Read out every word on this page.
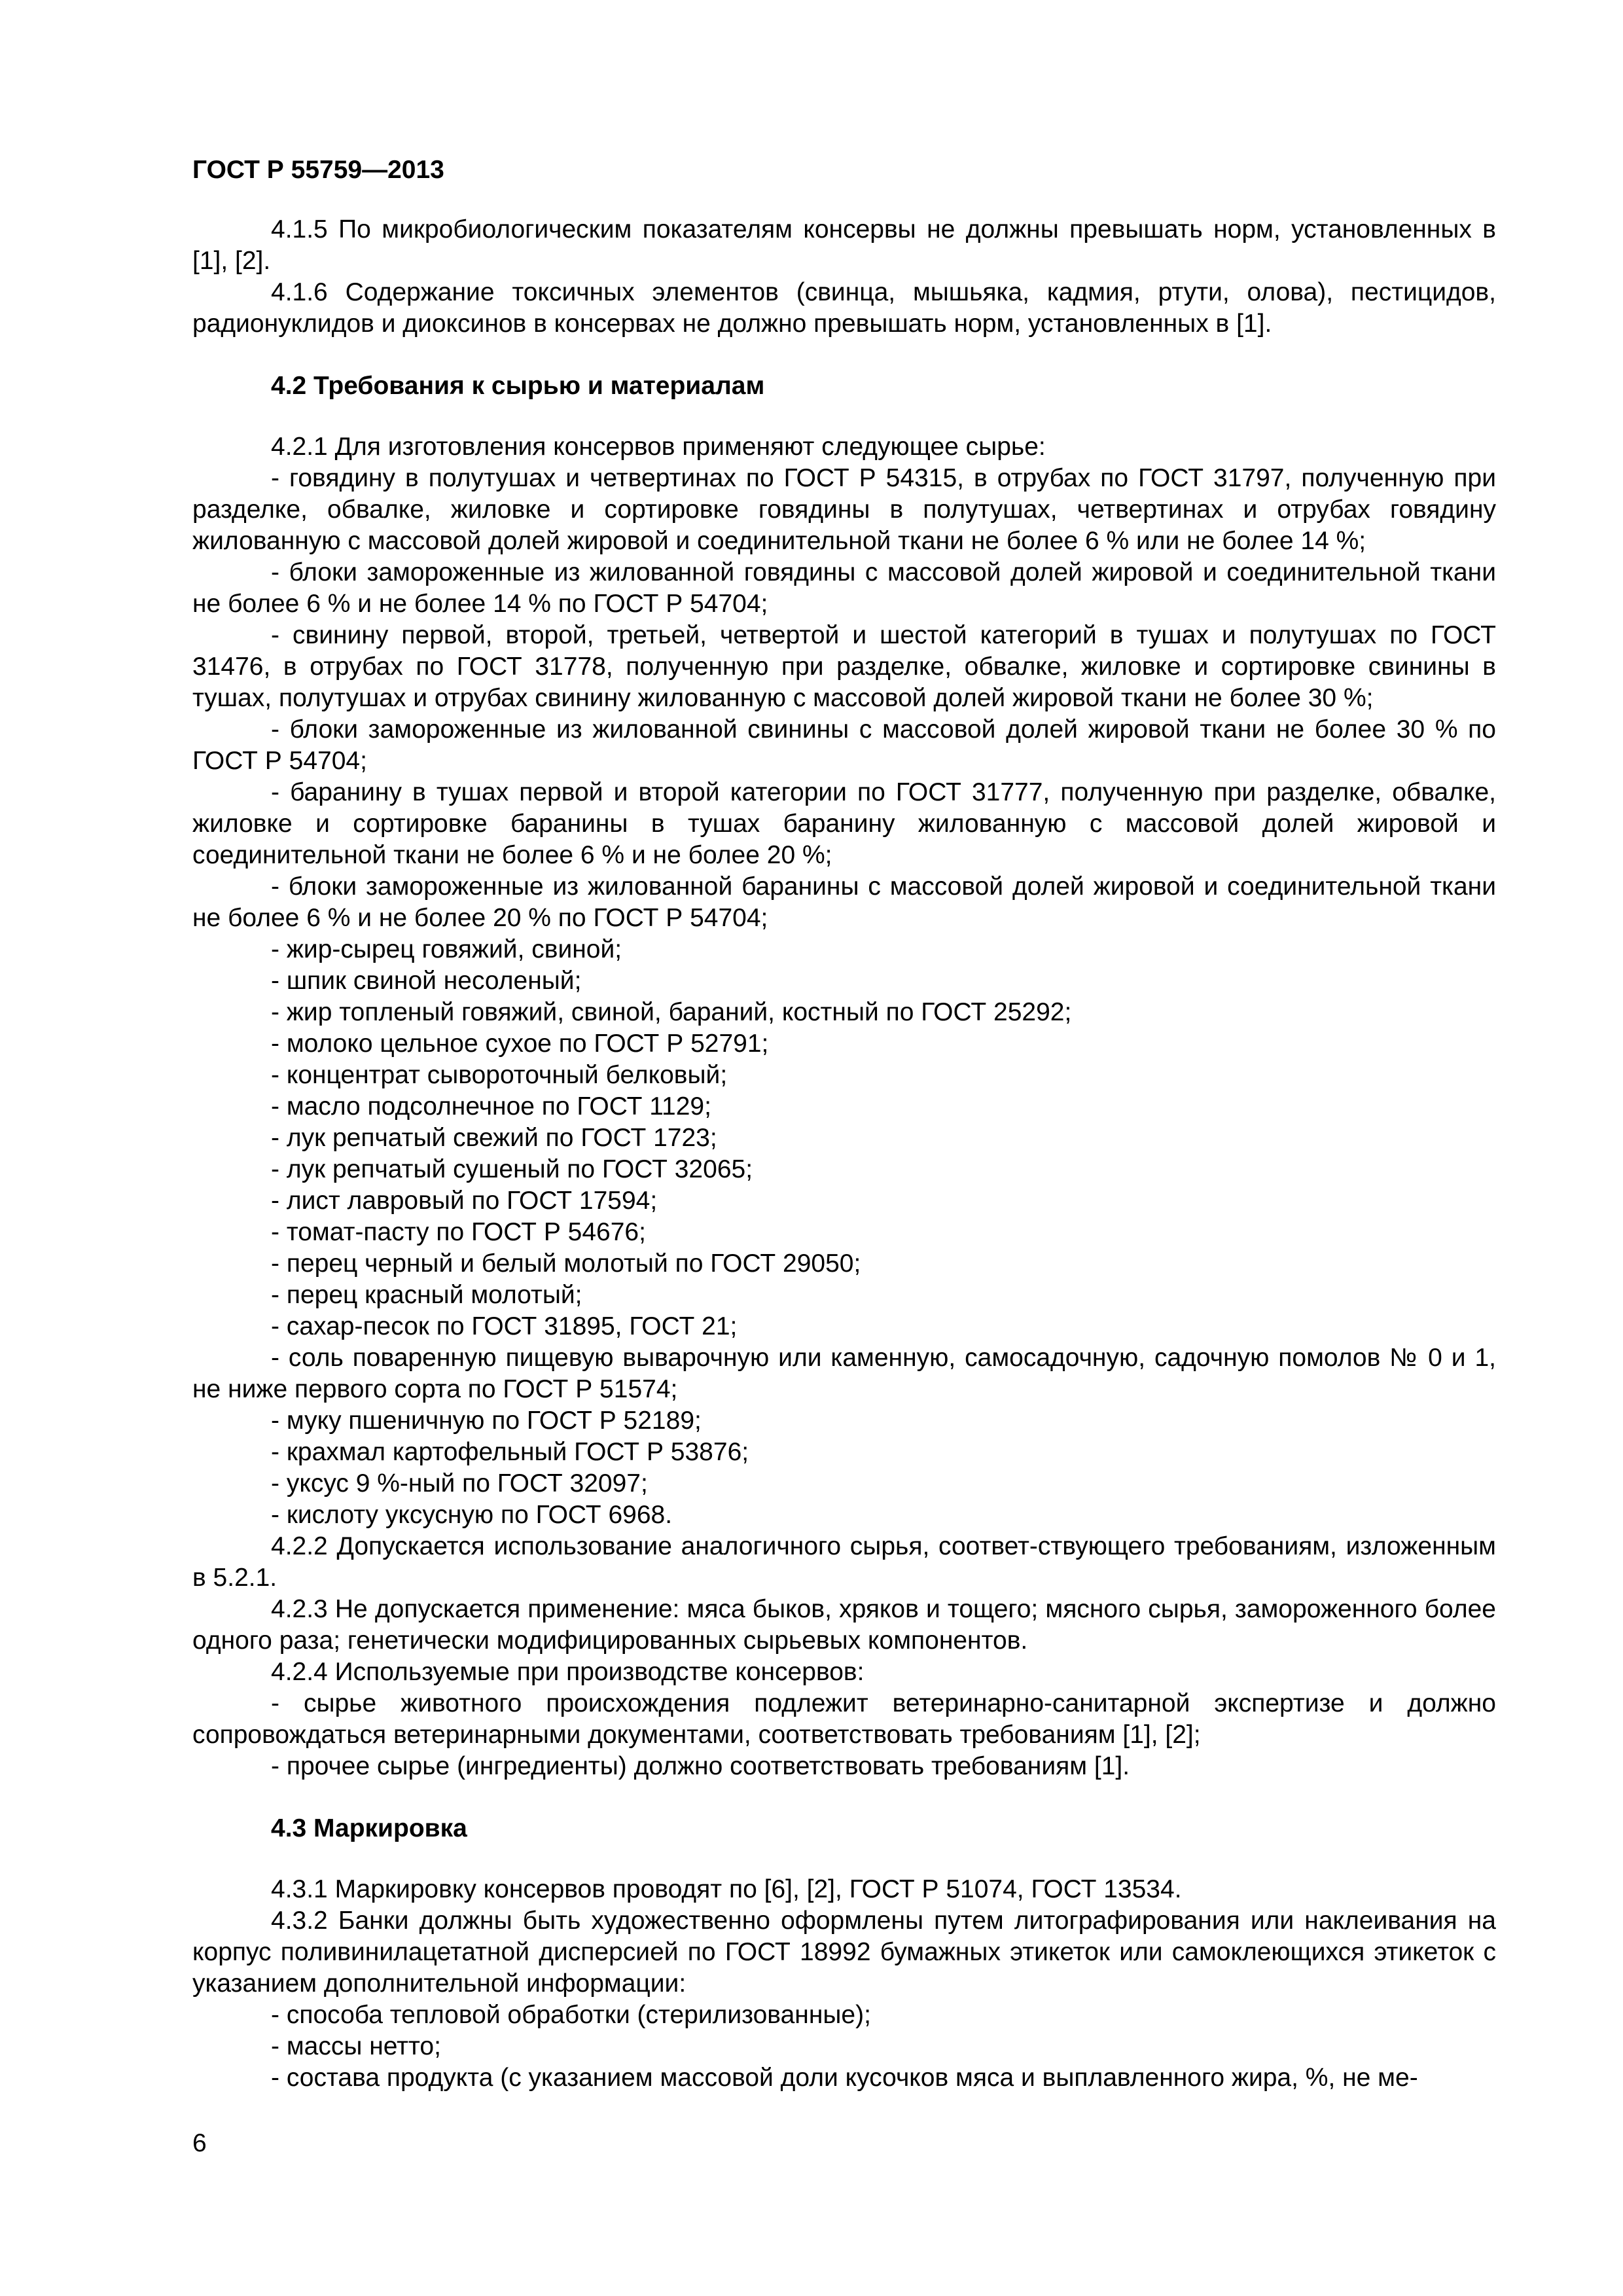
ГОСТ Р 55759—2013

4.1.5 По микробиологическим показателям консервы не должны превышать норм, установленных в [1], [2].

4.1.6 Содержание токсичных элементов (свинца, мышьяка, кадмия, ртути, олова), пестицидов, радионуклидов и диоксинов в консервах не должно превышать норм, установленных в [1].

4.2 Требования к сырью и материалам

4.2.1 Для изготовления консервов применяют следующее сырье:

- говядину в полутушах и четвертинах по ГОСТ Р 54315, в отрубах по ГОСТ 31797, полученную при разделке, обвалке, жиловке и сортировке говядины в полутушах, четвертинах и отрубах говядину жилованную с массовой долей жировой и соединительной ткани не более 6 % или не более 14 %;

- блоки замороженные из жилованной говядины с массовой долей жировой и соединительной ткани не более 6 % и не более 14 % по ГОСТ Р 54704;

- свинину первой, второй, третьей, четвертой и шестой категорий в тушах и полутушах по ГОСТ 31476, в отрубах по ГОСТ 31778, полученную при разделке, обвалке, жиловке и сортировке свинины в тушах, полутушах и отрубах свинину жилованную с массовой долей жировой ткани не более 30 %;

- блоки замороженные из жилованной свинины с массовой долей жировой ткани не более 30 % по ГОСТ Р 54704;

- баранину в тушах первой и второй категории по ГОСТ 31777, полученную при разделке, обвалке, жиловке и сортировке баранины в тушах баранину жилованную с массовой долей жировой и соединительной ткани не более 6 % и не более 20 %;

- блоки замороженные из жилованной баранины с массовой долей жировой и соединительной ткани не более 6 % и не более 20 % по ГОСТ Р 54704;

- жир-сырец говяжий, свиной;

- шпик свиной несоленый;

- жир топленый говяжий, свиной, бараний, костный по ГОСТ 25292;

- молоко цельное сухое по ГОСТ Р 52791;

- концентрат сывороточный белковый;

- масло подсолнечное по ГОСТ 1129;

- лук репчатый свежий по ГОСТ 1723;

- лук репчатый сушеный по ГОСТ 32065;

- лист лавровый по ГОСТ 17594;

- томат-пасту по ГОСТ Р 54676;

- перец черный и белый молотый по ГОСТ 29050;

- перец красный молотый;

- сахар-песок по ГОСТ 31895, ГОСТ 21;

- соль поваренную пищевую выварочную или каменную, самосадочную, садочную помолов № 0 и 1, не ниже первого сорта по ГОСТ Р 51574;

- муку пшеничную по ГОСТ Р 52189;

- крахмал картофельный ГОСТ Р 53876;

- уксус 9 %-ный по ГОСТ 32097;

- кислоту уксусную по ГОСТ 6968.

4.2.2 Допускается использование аналогичного сырья, соответ-ствующего требованиям, изложенным в 5.2.1.

4.2.3 Не допускается применение: мяса быков, хряков и тощего; мясного сырья, замороженного более одного раза; генетически модифицированных сырьевых компонентов.

4.2.4 Используемые при производстве консервов:

- сырье животного происхождения подлежит ветеринарно-санитарной экспертизе и должно сопровождаться ветеринарными документами, соответствовать требованиям [1], [2];

- прочее сырье (ингредиенты) должно соответствовать требованиям [1].

4.3 Маркировка

4.3.1 Маркировку консервов проводят по [6], [2], ГОСТ Р 51074, ГОСТ 13534.

4.3.2 Банки должны быть художественно оформлены путем литографирования или наклеивания на корпус поливинилацетатной дисперсией по ГОСТ 18992 бумажных этикеток или самоклеющихся этикеток с указанием дополнительной информации:

- способа тепловой обработки (стерилизованные);

- массы нетто;

- состава продукта (с указанием массовой доли кусочков мяса и выплавленного жира, %, не ме-

6
